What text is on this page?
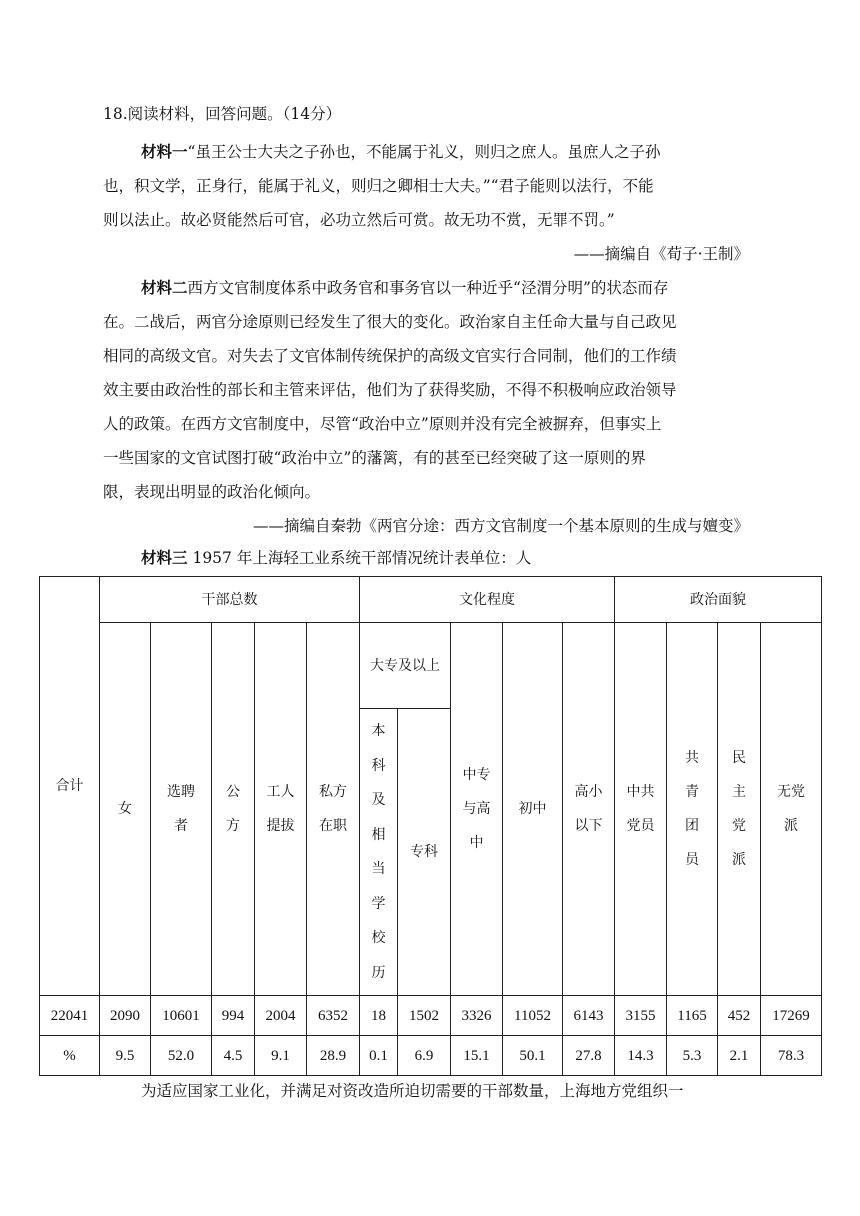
18.阅读材料，回答问题。（14分）
材料一“虽王公士大夫之子孙也，不能属于礼义，则归之庶人。虽庶人之子孙
也，积文学，正身行，能属于礼义，则归之卿相士大夫。”“君子能则以法行，不能
则以法止。故必贤能然后可官，必功立然后可赏。故无功不赏，无罪不罚。”
——摘编自《荀子·王制》
材料二西方文官制度体系中政务官和事务官以一种近乎“泾渭分明”的状态而存
在。二战后，两官分途原则已经发生了很大的变化。政治家自主任命大量与自己政见
相同的高级文官。对失去了文官体制传统保护的高级文官实行合同制，他们的工作绩
效主要由政治性的部长和主管来评估，他们为了获得奖励，不得不积极响应政治领导
人的政策。在西方文官制度中，尽管“政治中立”原则并没有完全被摒弃，但事实上
一些国家的文官试图打破“政治中立”的藩篱，有的甚至已经突破了这一原则的界
限，表现出明显的政治化倾向。
——摘编自秦勃《两官分途：西方文官制度一个基本原则的生成与嬗变》
材料三 1957 年上海轻工业系统干部情况统计表单位：人
合计	干部总数					文化程度					政治面貌			
	女	选聘者	公方	工人提拔	私方在职	大专及以上		中专与高中	初中	高小以下	中共党员	共青团员	民主党派	无党派
						本科及相当学校历	专科							
22041	2090	10601	994	2004	6352	18	1502	3326	11052	6143	3155	1165	452	17269
%	9.5	52.0	4.5	9.1	28.9	0.1	6.9	15.1	50.1	27.8	14.3	5.3	2.1	78.3
为适应国家工业化，并满足对资改造所迫切需要的干部数量，上海地方党组织一
